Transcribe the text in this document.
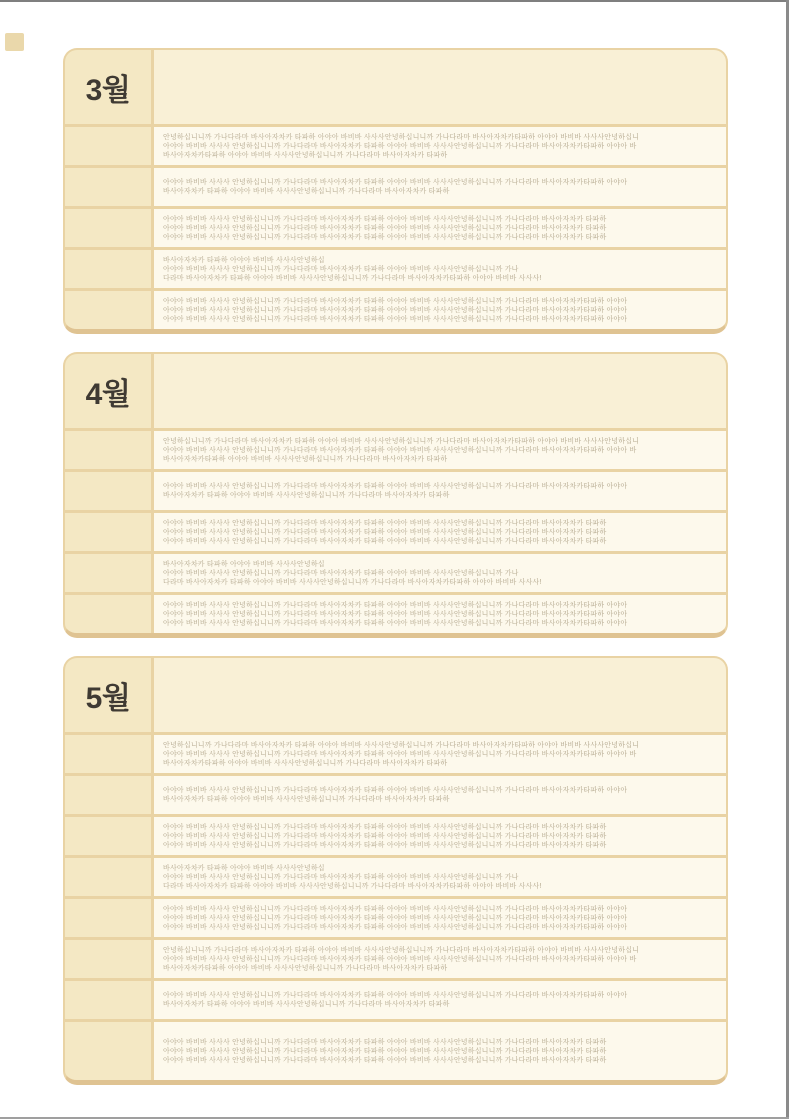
3월
안녕하십니니까 가나다라마 바사아자차카 타파하 아야아 바비바 사사사안녕하십니니까 가나다라마 바사아자차카타파하 아야아 바비바 사사사안녕하십니
아야아 바비바 사사사 안녕하십니니까 가나다라마 바사아자차카 타파하 아야아 바비바 사사사안녕하십니니까 가나다라마 바사아자차카타파하 아야아 바
바사아자차카타파하 아야아 바비바 사사사안녕하십니니까 가나다라마 바사아자차카 타파하
아야아 바비바 사사사 안녕하십니니까 가나다라마 바사아자차카 타파하 아야아 바비바 사사사안녕하십니니까 가나다라마 바사아자차카타파하 아야아
바사아자차카 타파하 아야아 바비바 사사사안녕하십니니까 가나다라마 바사아자차카 타파하
아야아 바비바 사사사 안녕하십니니까 가나다라마 바사아자차카 타파하 아야아 바비바 사사사안녕하십니니까 가나다라마 바사아자차카 타파하
아야아 바비바 사사사 안녕하십니니까 가나다라마 바사아자차카 타파하 아야아 바비바 사사사안녕하십니니까 가나다라마 바사아자차카 타파하
아야아 바비바 사사사 안녕하십니니까 가나다라마 바사아자차카 타파하 아야아 바비바 사사사안녕하십니니까 가나다라마 바사아자차카 타파하
바사아자차카 타파하 아야아 바비바 사사사안녕하십
아야아 바비바 사사사 안녕하십니니까 가나다라마 바사아자차카 타파하 아야아 바비바 사사사안녕하십니니까 가나
다라마 바사아자차카 타파하 아야아 바비바 사사사안녕하십니니까 가나다라마 바사아자차카타파하 아야아 바비바 사사사!
아야아 바비바 사사사 안녕하십니니까 가나다라마 바사아자차카 타파하 아야아 바비바 사사사안녕하십니니까 가나다라마 바사아자차카타파하 아야아
아야아 바비바 사사사 안녕하십니니까 가나다라마 바사아자차카 타파하 아야아 바비바 사사사안녕하십니니까 가나다라마 바사아자차카타파하 아야아
아야아 바비바 사사사 안녕하십니니까 가나다라마 바사아자차카 타파하 아야아 바비바 사사사안녕하십니니까 가나다라마 바사아자차카타파하 아야아
4월
안녕하십니니까 가나다라마 바사아자차카 타파하 아야아 바비바 사사사안녕하십니니까 가나다라마 바사아자차카타파하 아야아 바비바 사사사안녕하십니
아야아 바비바 사사사 안녕하십니니까 가나다라마 바사아자차카 타파하 아야아 바비바 사사사안녕하십니니까 가나다라마 바사아자차카타파하 아야아 바
바사아자차카타파하 아야아 바비바 사사사안녕하십니니까 가나다라마 바사아자차카 타파하
아야아 바비바 사사사 안녕하십니니까 가나다라마 바사아자차카 타파하 아야아 바비바 사사사안녕하십니니까 가나다라마 바사아자차카타파하 아야아
바사아자차카 타파하 아야아 바비바 사사사안녕하십니니까 가나다라마 바사아자차카 타파하
아야아 바비바 사사사 안녕하십니니까 가나다라마 바사아자차카 타파하 아야아 바비바 사사사안녕하십니니까 가나다라마 바사아자차카 타파하
아야아 바비바 사사사 안녕하십니니까 가나다라마 바사아자차카 타파하 아야아 바비바 사사사안녕하십니니까 가나다라마 바사아자차카 타파하
아야아 바비바 사사사 안녕하십니니까 가나다라마 바사아자차카 타파하 아야아 바비바 사사사안녕하십니니까 가나다라마 바사아자차카 타파하
바사아자차카 타파하 아야아 바비바 사사사안녕하십
아야아 바비바 사사사 안녕하십니니까 가나다라마 바사아자차카 타파하 아야아 바비바 사사사안녕하십니니까 가나
다라마 바사아자차카 타파하 아야아 바비바 사사사안녕하십니니까 가나다라마 바사아자차카타파하 아야아 바비바 사사사!
아야아 바비바 사사사 안녕하십니니까 가나다라마 바사아자차카 타파하 아야아 바비바 사사사안녕하십니니까 가나다라마 바사아자차카타파하 아야아
아야아 바비바 사사사 안녕하십니니까 가나다라마 바사아자차카 타파하 아야아 바비바 사사사안녕하십니니까 가나다라마 바사아자차카타파하 아야아
아야아 바비바 사사사 안녕하십니니까 가나다라마 바사아자차카 타파하 아야아 바비바 사사사안녕하십니니까 가나다라마 바사아자차카타파하 아야아
5월
안녕하십니니까 가나다라마 바사아자차카 타파하 아야아 바비바 사사사안녕하십니니까 가나다라마 바사아자차카타파하 아야아 바비바 사사사안녕하십니
아야아 바비바 사사사 안녕하십니니까 가나다라마 바사아자차카 타파하 아야아 바비바 사사사안녕하십니니까 가나다라마 바사아자차카타파하 아야아 바
바사아자차카타파하 아야아 바비바 사사사안녕하십니니까 가나다라마 바사아자차카 타파하
아야아 바비바 사사사 안녕하십니니까 가나다라마 바사아자차카 타파하 아야아 바비바 사사사안녕하십니니까 가나다라마 바사아자차카타파하 아야아
바사아자차카 타파하 아야아 바비바 사사사안녕하십니니까 가나다라마 바사아자차카 타파하
아야아 바비바 사사사 안녕하십니니까 가나다라마 바사아자차카 타파하 아야아 바비바 사사사안녕하십니니까 가나다라마 바사아자차카 타파하
아야아 바비바 사사사 안녕하십니니까 가나다라마 바사아자차카 타파하 아야아 바비바 사사사안녕하십니니까 가나다라마 바사아자차카 타파하
아야아 바비바 사사사 안녕하십니니까 가나다라마 바사아자차카 타파하 아야아 바비바 사사사안녕하십니니까 가나다라마 바사아자차카 타파하
바사아자차카 타파하 아야아 바비바 사사사안녕하십
아야아 바비바 사사사 안녕하십니니까 가나다라마 바사아자차카 타파하 아야아 바비바 사사사안녕하십니니까 가나
다라마 바사아자차카 타파하 아야아 바비바 사사사안녕하십니니까 가나다라마 바사아자차카타파하 아야아 바비바 사사사!
아야아 바비바 사사사 안녕하십니니까 가나다라마 바사아자차카 타파하 아야아 바비바 사사사안녕하십니니까 가나다라마 바사아자차카타파하 아야아
아야아 바비바 사사사 안녕하십니니까 가나다라마 바사아자차카 타파하 아야아 바비바 사사사안녕하십니니까 가나다라마 바사아자차카타파하 아야아
아야아 바비바 사사사 안녕하십니니까 가나다라마 바사아자차카 타파하 아야아 바비바 사사사안녕하십니니까 가나다라마 바사아자차카타파하 아야아
안녕하십니니까 가나다라마 바사아자차카 타파하 아야아 바비바 사사사안녕하십니니까 가나다라마 바사아자차카타파하 아야아 바비바 사사사안녕하십니
아야아 바비바 사사사 안녕하십니니까 가나다라마 바사아자차카 타파하 아야아 바비바 사사사안녕하십니니까 가나다라마 바사아자차카타파하 아야아 바
바사아자차카타파하 아야아 바비바 사사사안녕하십니니까 가나다라마 바사아자차카 타파하
아야아 바비바 사사사 안녕하십니니까 가나다라마 바사아자차카 타파하 아야아 바비바 사사사안녕하십니니까 가나다라마 바사아자차카타파하 아야아
바사아자차카 타파하 아야아 바비바 사사사안녕하십니니까 가나다라마 바사아자차카 타파하
아야아 바비바 사사사 안녕하십니니까 가나다라마 바사아자차카 타파하 아야아 바비바 사사사안녕하십니니까 가나다라마 바사아자차카 타파하
아야아 바비바 사사사 안녕하십니니까 가나다라마 바사아자차카 타파하 아야아 바비바 사사사안녕하십니니까 가나다라마 바사아자차카 타파하
아야아 바비바 사사사 안녕하십니니까 가나다라마 바사아자차카 타파하 아야아 바비바 사사사안녕하십니니까 가나다라마 바사아자차카 타파하
